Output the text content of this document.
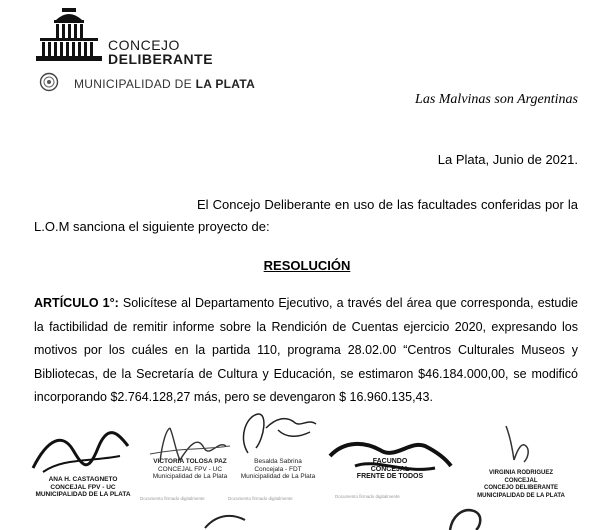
CONCEJO
DELIBERANTE
MUNICIPALIDAD DE LA PLATA
Las Malvinas son Argentinas
La Plata, Junio de 2021.

El Concejo Deliberante en uso de las facultades conferidas por la L.O.M sanciona el siguiente proyecto de:

RESOLUCIÓN

ARTÍCULO 1°: Solicítese al Departamento Ejecutivo, a través del área que corresponda, estudie la factibilidad de remitir informe sobre la Rendición de Cuentas ejercicio 2020, expresando los motivos por los cuáles en la partida 110, programa 28.02.00 “Centros Culturales Museos y Bibliotecas, de la Secretaría de Cultura y Educación, se estimaron $46.184.000,00, se modificó incorporando $2.764.128,27 más, pero se devengaron $ 16.960.135,43.

ANA H. CASTAGNETO
CONCEJAL FPV - UC
MUNICIPALIDAD DE LA PLATA
VICTORIA TOLOSA PAZ
CONCEJAL FPV - UC
Municipalidad de La Plata
Documento firmado digitalmente
Besalda Sabrina
Concejala - FDT
Municipalidad de La Plata
Documento firmado digitalmente
FACUNDO
CONCEJAL
FRENTE DE TODOS
Documento firmado digitalmente
VIRGINIA RODRIGUEZ
CONCEJAL
CONCEJO DELIBERANTE
MUNICIPALIDAD DE LA PLATA
